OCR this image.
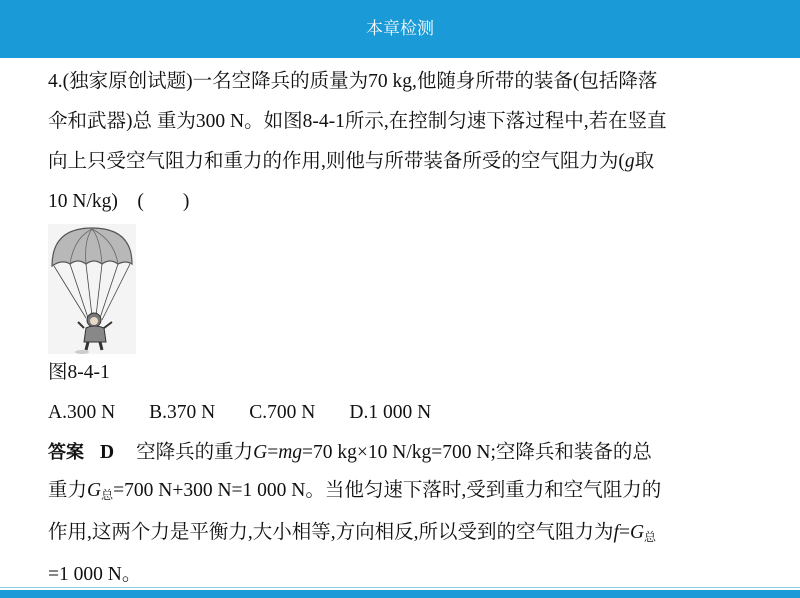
本章检测
4.(独家原创试题)一名空降兵的质量为70 kg,他随身所带的装备(包括降落
伞和武器)总 重为300 N。如图8-4-1所示,在控制匀速下落过程中,若在竖直
向上只受空气阻力和重力的作用,则他与所带装备所受的空气阻力为(g取
10 N/kg)    (        )
图8-4-1
A.300 N B.370 N C.700 N D.1 000 N
答案 D 空降兵的重力G=mg=70 kg×10 N/kg=700 N;空降兵和装备的总
重力$G_总=700$ N+300 N=1 000 N。当他匀速下落时,受到重力和空气阻力的
作用,这两个力是平衡力,大小相等,方向相反,所以受到的空气阻力为$f=G_总$
=1 000 N。
